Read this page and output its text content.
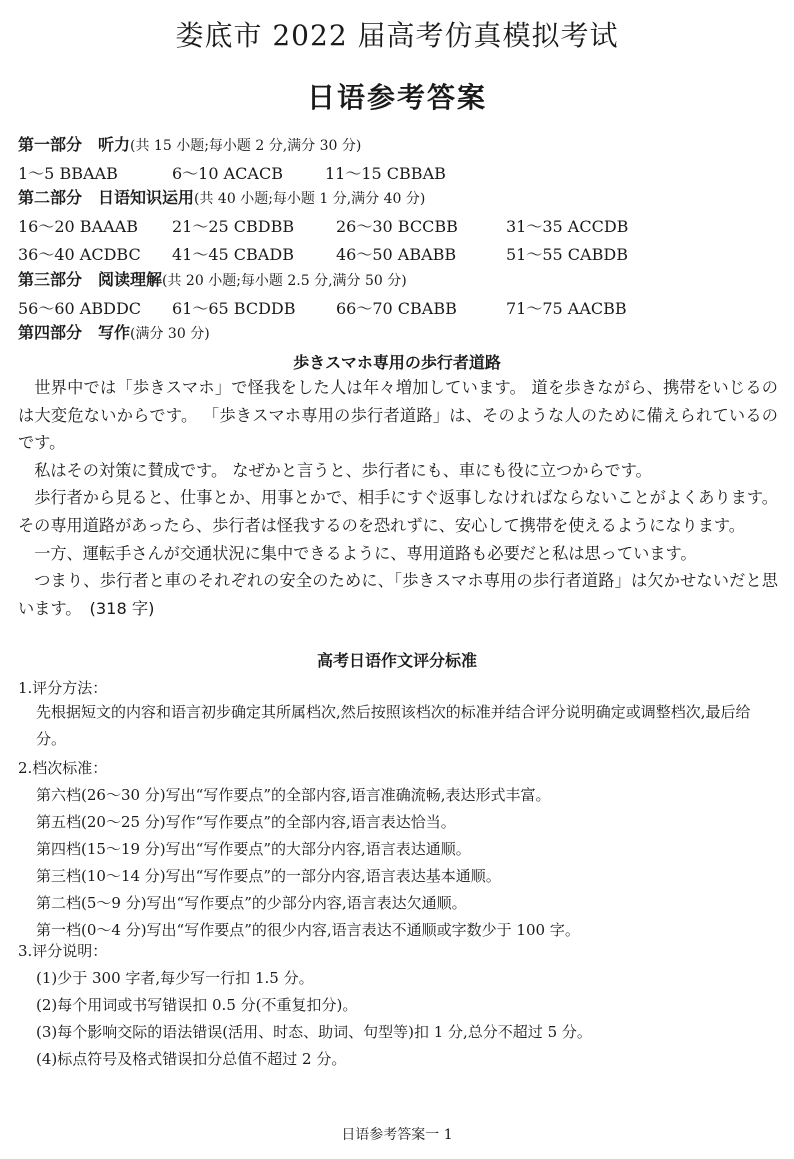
娄底市 2022 届高考仿真模拟考试
日语参考答案
第一部分　听力(共 15 小题;每小题 2 分,满分 30 分)
1～5 BBAAB	6～10 ACACB	11～15 CBBAB
第二部分　日语知识运用(共 40 小题;每小题 1 分,满分 40 分)
16～20 BAAAB 21～25 CBDBB	26～30 BCCBB	31～35 ACCDB
36～40 ACDBC 41～45 CBADB	46～50 ABABB	51～55 CABDB
第三部分　阅读理解(共 20 小题;每小题 2.5 分,满分 50 分)
56～60 ABDDC 61～65 BCDDB	66～70 CBABB	71～75 AACBB
第四部分　写作(满分 30 分)
歩きスマホ専用の歩行者道路

世界中では「歩きスマホ」で怪我をした人は年々増加しています。 道を歩きながら、携帯をいじるのは大変危ないからです。 「歩きスマホ専用の歩行者道路」は、そのような人のために備えられているのです。

私はその対策に賛成です。 なぜかと言うと、歩行者にも、車にも役に立つからです。

歩行者から見ると、仕事とか、用事とかで、相手にすぐ返事しなければならないことがよくあります。 その専用道路があったら、歩行者は怪我するのを恐れずに、安心して携帯を使えるようになります。

一方、運転手さんが交通状況に集中できるように、専用道路も必要だと私は思っています。

つまり、歩行者と車のそれぞれの安全のために、「歩きスマホ専用の歩行者道路」は欠かせないだと思います。　(318 字)

高考日语作文评分标准

1.评分方法：

先根据短文的内容和语言初步确定其所属档次,然后按照该档次的标准并结合评分说明确定或调整档次,最后给分。

2.档次标准：

第六档(26～30 分)写出“写作要点”的全部内容,语言准确流畅,表达形式丰富。

第五档(20～25 分)写作“写作要点”的全部内容,语言表达恰当。

第四档(15～19 分)写出“写作要点”的大部分内容,语言表达通顺。

第三档(10～14 分)写出“写作要点”的一部分内容,语言表达基本通顺。

第二档(5～9 分)写出“写作要点”的少部分内容,语言表达欠通顺。

第一档(0～4 分)写出“写作要点”的很少内容,语言表达不通顺或字数少于 100 字。

3.评分说明：

(1)少于 300 字者,每少写一行扣 1.5 分。

(2)每个用词或书写错误扣 0.5 分(不重复扣分)。

(3)每个影响交际的语法错误(活用、时态、助词、句型等)扣 1 分,总分不超过 5 分。

(4)标点符号及格式错误扣分总值不超过 2 分。

日语参考答案一 1
